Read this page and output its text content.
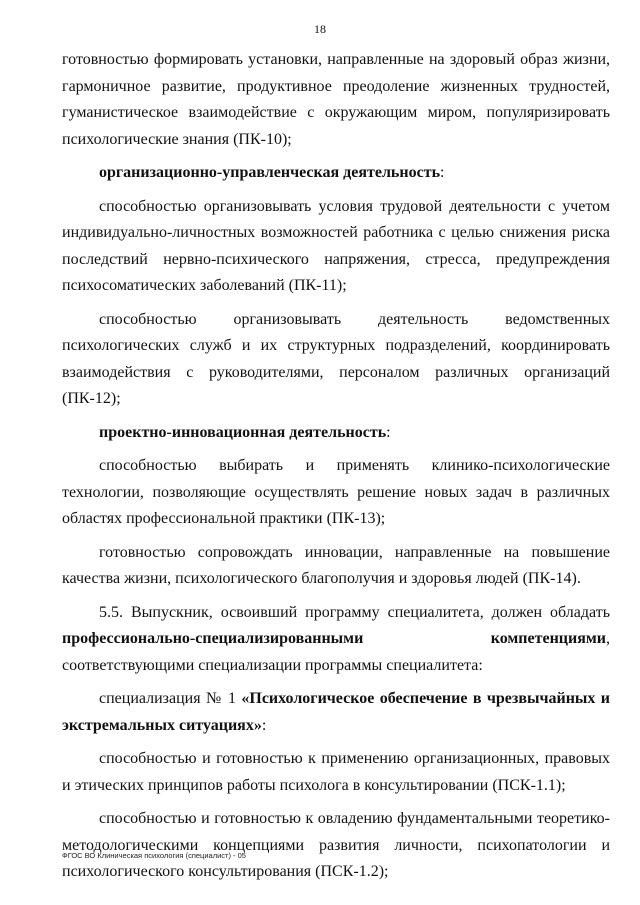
18

готовностью формировать установки, направленные на здоровый образ жизни, гармоничное развитие, продуктивное преодоление жизненных трудностей, гуманистическое взаимодействие с окружающим миром, популяризировать психологические знания (ПК-10);

организационно-управленческая деятельность:

способностью организовывать условия трудовой деятельности с учетом индивидуально-личностных возможностей работника с целью снижения риска последствий нервно-психического напряжения, стресса, предупреждения психосоматических заболеваний (ПК-11);

способностью организовывать деятельность ведомственных психологических служб и их структурных подразделений, координировать взаимодействия с руководителями, персоналом различных организаций (ПК-12);

проектно-инновационная деятельность:

способностью выбирать и применять клинико-психологические технологии, позволяющие осуществлять решение новых задач в различных областях профессиональной практики (ПК-13);

готовностью сопровождать инновации, направленные на повышение качества жизни, психологического благополучия и здоровья людей (ПК-14).

5.5. Выпускник, освоивший программу специалитета, должен обладать профессионально-специализированными компетенциями, соответствующими специализации программы специалитета:

специализация № 1 «Психологическое обеспечение в чрезвычайных и экстремальных ситуациях»:

способностью и готовностью к применению организационных, правовых и этических принципов работы психолога в консультировании (ПСК-1.1);

способностью и готовностью к овладению фундаментальными теоретико-методологическими концепциями развития личности, психопатологии и психологического консультирования (ПСК-1.2);

ФГОС ВО Клиническая психология (специалист) - 05
